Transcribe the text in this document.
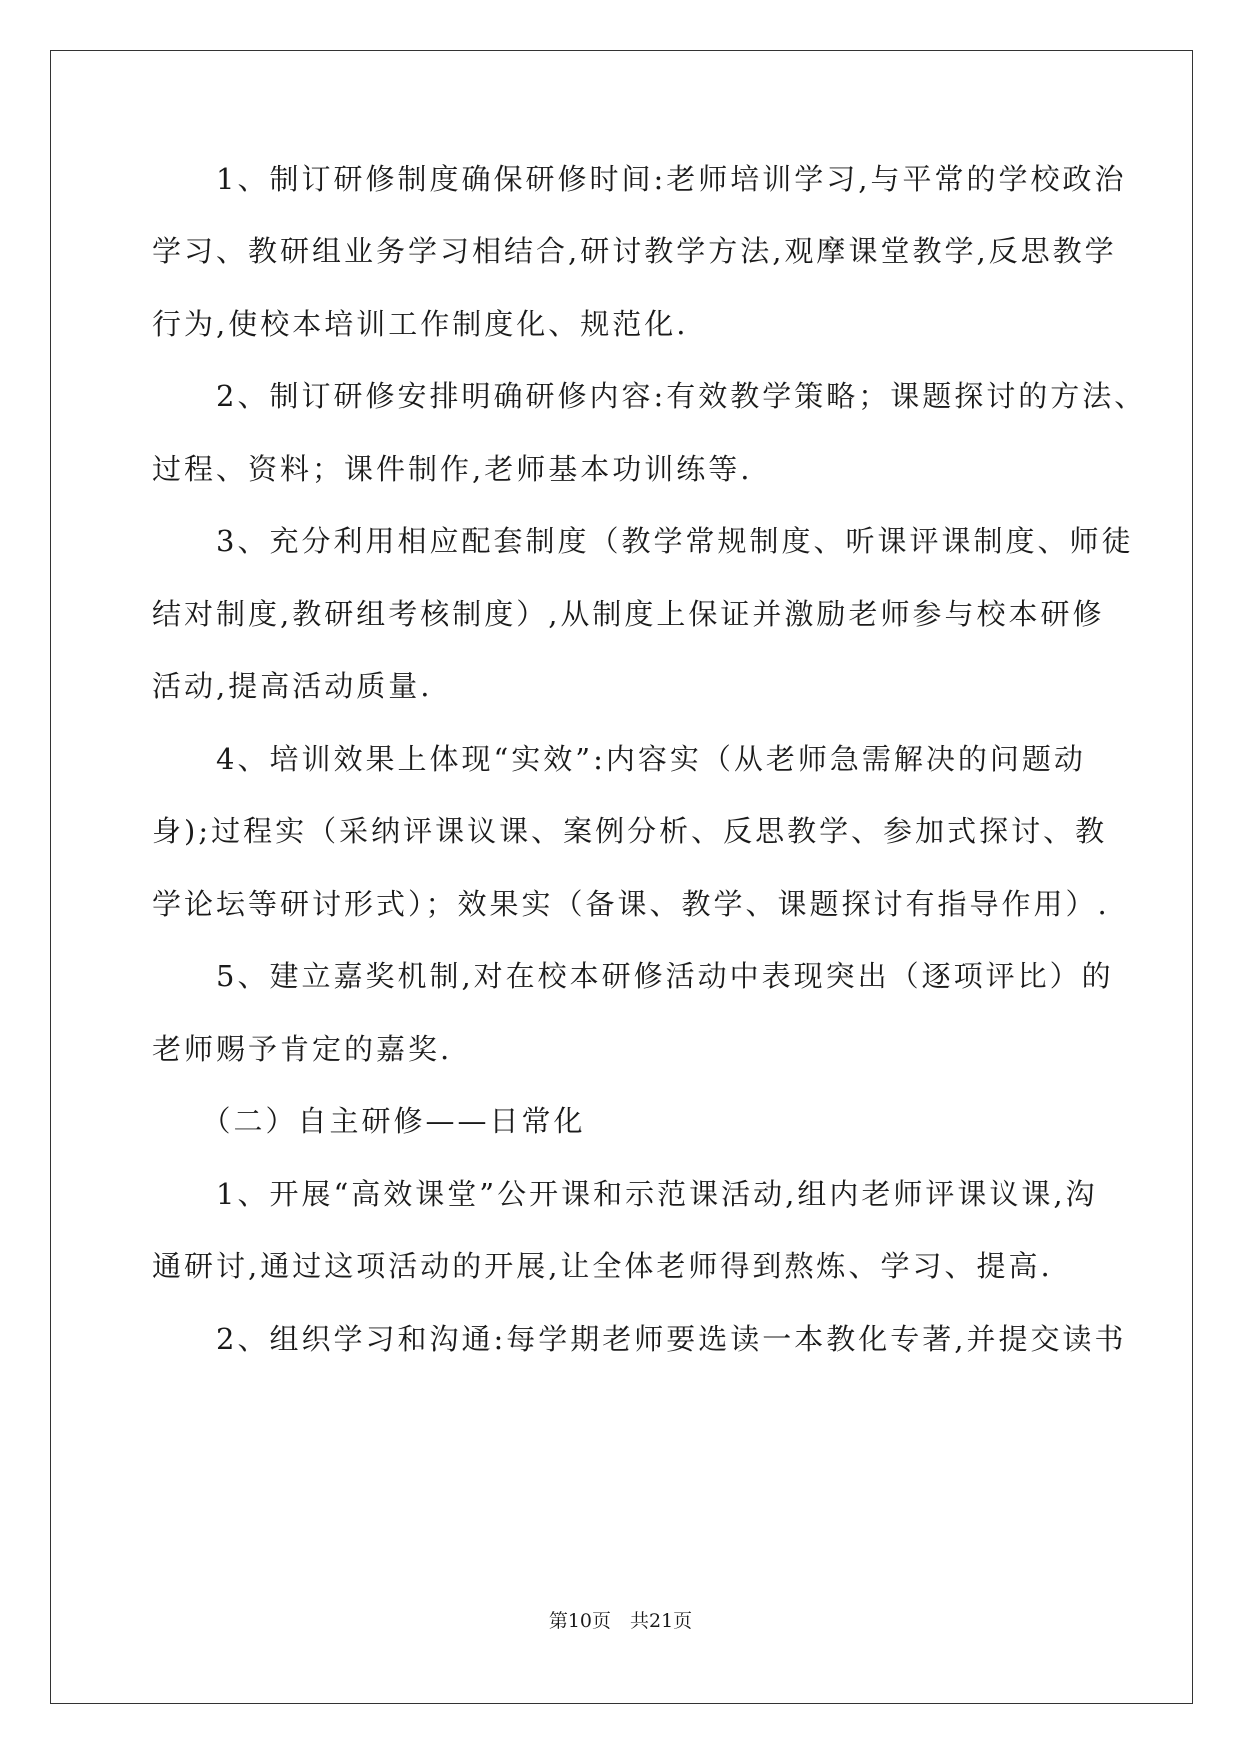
　　1、制订研修制度确保研修时间:老师培训学习,与平常的学校政治
学习、教研组业务学习相结合,研讨教学方法,观摩课堂教学,反思教学
行为,使校本培训工作制度化、规范化.
　　2、制订研修安排明确研修内容:有效教学策略；课题探讨的方法、
过程、资料；课件制作,老师基本功训练等.
　　3、充分利用相应配套制度（教学常规制度、听课评课制度、师徒
结对制度,教研组考核制度）,从制度上保证并激励老师参与校本研修
活动,提高活动质量.
　　4、培训效果上体现“实效”:内容实（从老师急需解决的问题动
身);过程实（采纳评课议课、案例分析、反思教学、参加式探讨、教
学论坛等研讨形式）；效果实（备课、教学、课题探讨有指导作用）.
　　5、建立嘉奖机制,对在校本研修活动中表现突出（逐项评比）的
老师赐予肯定的嘉奖.
　　（二）自主研修——日常化
　　1、开展“高效课堂”公开课和示范课活动,组内老师评课议课,沟
通研讨,通过这项活动的开展,让全体老师得到熬炼、学习、提高.
　　2、组织学习和沟通:每学期老师要选读一本教化专著,并提交读书
第10页　共21页
